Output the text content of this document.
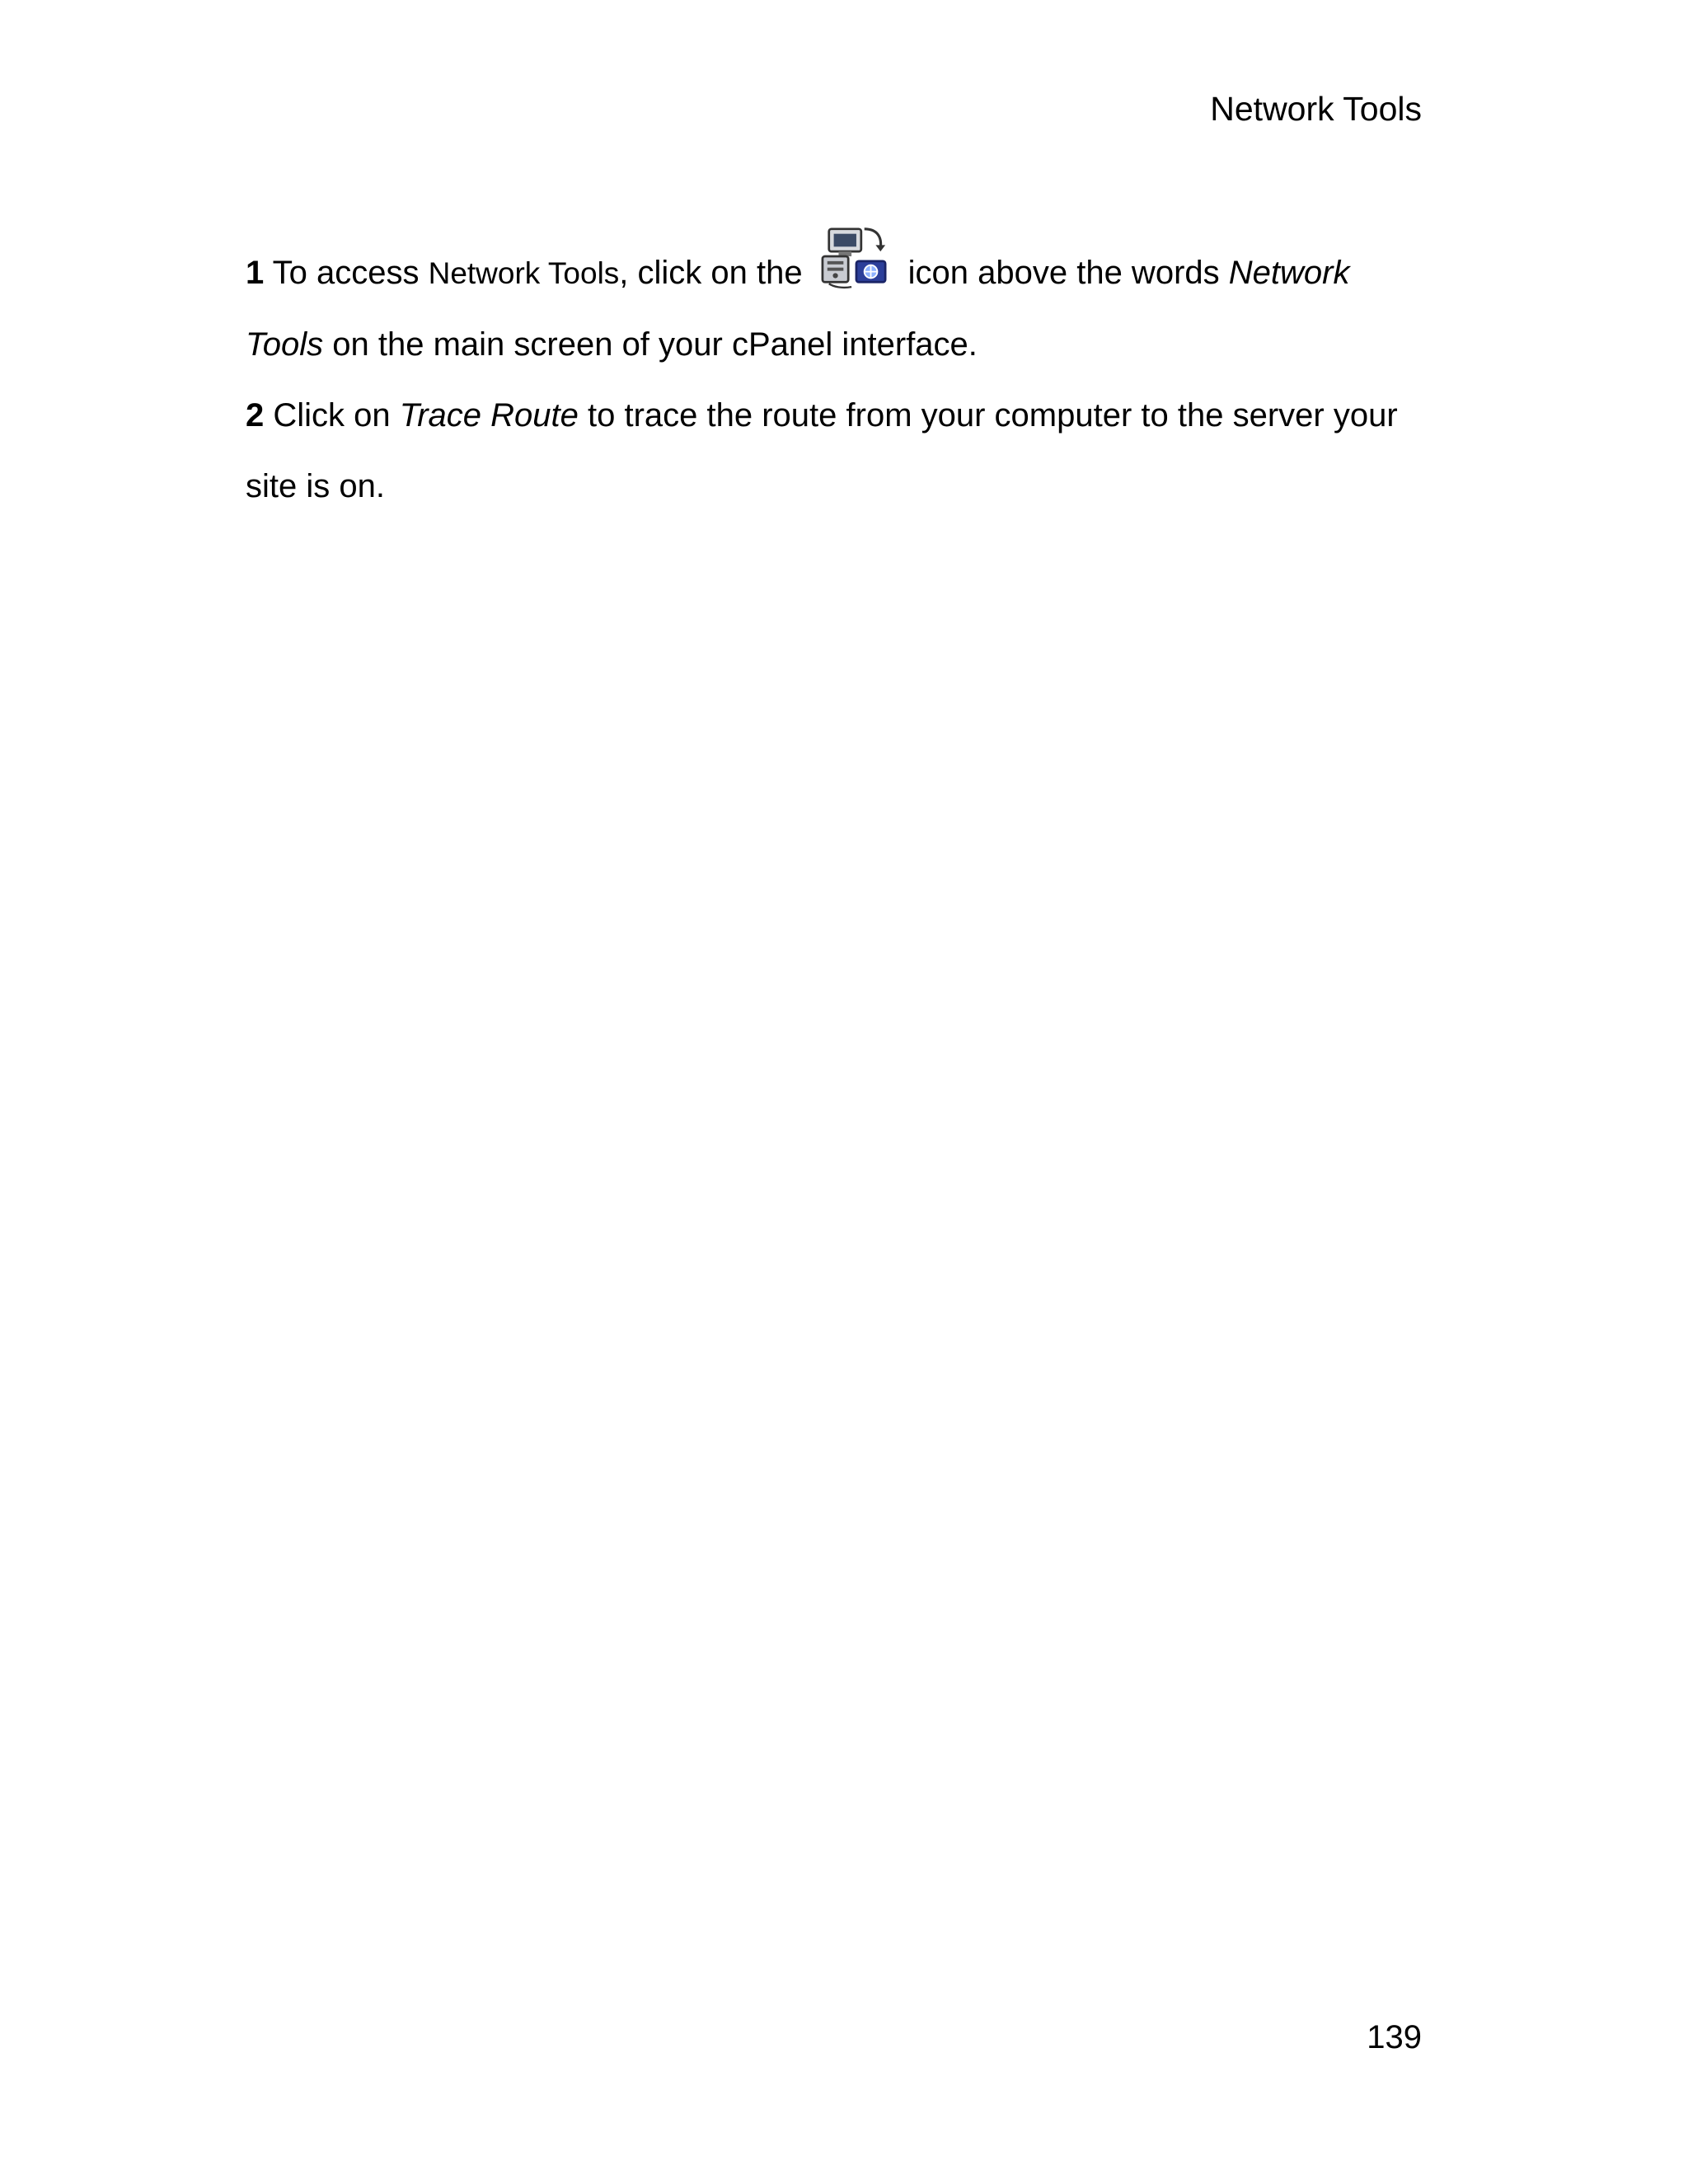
Network Tools

1 To access Network Tools, click on the	icon above the words Network Tools on the main screen of your cPanel interface.

2 Click on Trace Route to trace the route from your computer to the server your site is on.

139
